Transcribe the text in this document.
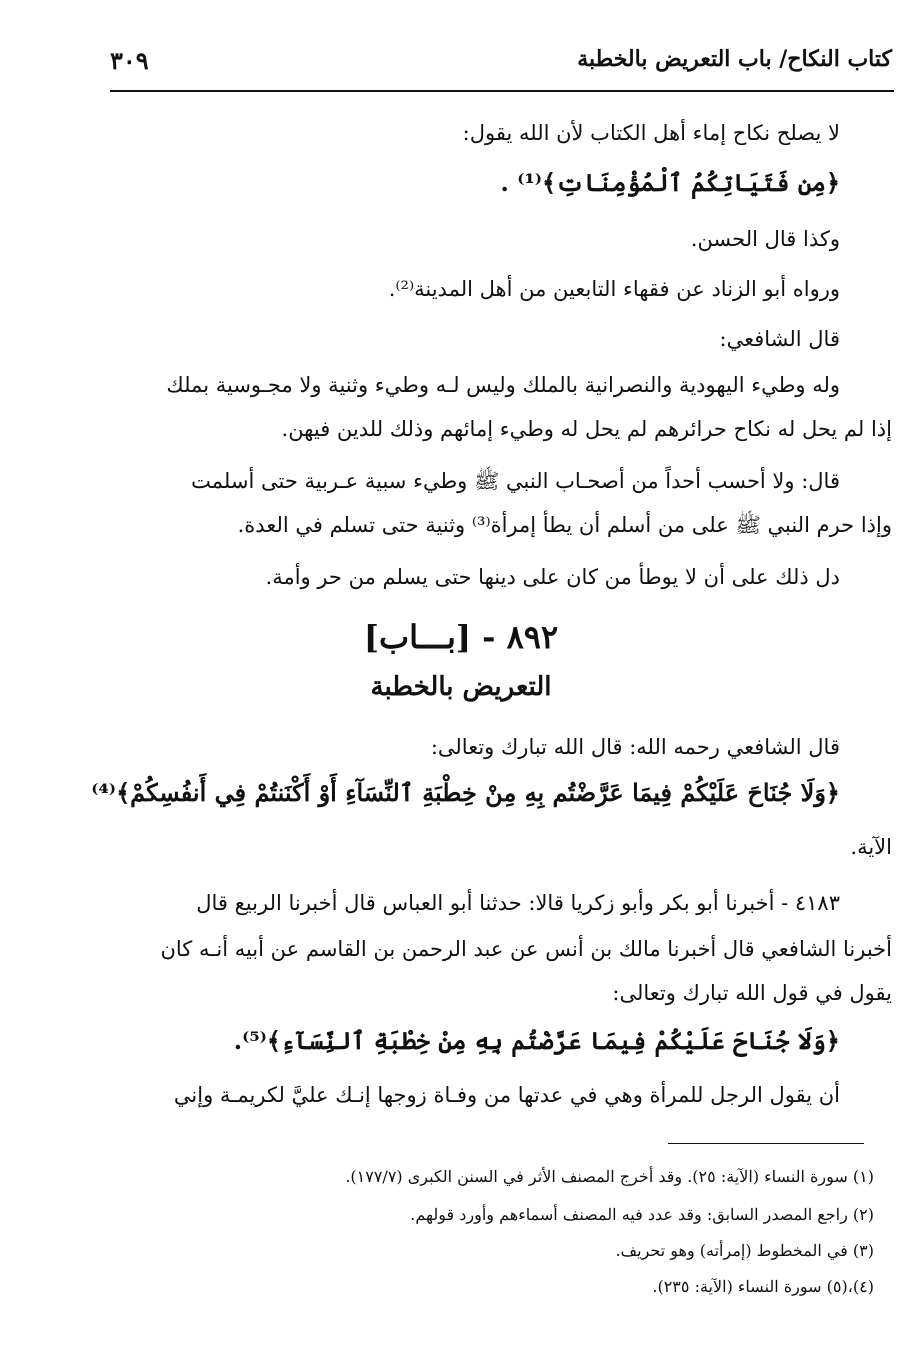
كتاب النكاح/ باب التعريض بالخطبة
٣٠٩
لا يصلح نكاح إماء أهل الكتاب لأن الله يقول:
﴿مِن فَتَيَاتِكُمُ ٱلْمُؤْمِنَاتِ﴾⁽¹⁾ .
وكذا قال الحسن.
ورواه أبو الزناد عن فقهاء التابعين من أهل المدينة⁽²⁾.
قال الشافعي:
وله وطيء اليهودية والنصرانية بالملك وليس لـه وطيء وثنية ولا مجـوسية بملك
إذا لم يحل له نكاح حرائرهم لم يحل له وطيء إمائهم وذلك للدين فيهن.
قال: ولا أحسب أحداً من أصحـاب النبي ﷺ وطيء سبية عـربية حتى أسلمت
وإذا حرم النبي ﷺ على من أسلم أن يطأ إمرأة⁽³⁾ وثنية حتى تسلم في العدة.
دل ذلك على أن لا يوطأ من كان على دينها حتى يسلم من حر وأمة.
٨٩٢ - [بـــاب]
التعريض بالخطبة
قال الشافعي رحمه الله: قال الله تبارك وتعالى:
﴿وَلَا جُنَاحَ عَلَيْكُمْ فِيمَا عَرَّضْتُم بِهِ مِنْ خِطْبَةِ ٱلنِّسَآءِ أَوْ أَكْنَنتُمْ فِي أَنفُسِكُمْ﴾⁽⁴⁾
الآية.
٤١٨٣ - أخبرنا أبو بكر وأبو زكريا قالا: حدثنا أبو العباس قال أخبرنا الربيع قال
أخبرنا الشافعي قال أخبرنا مالك بن أنس عن عبد الرحمن بن القاسم عن أبيه أنـه كان
يقول في قول الله تبارك وتعالى:
﴿وَلَا جُنَاحَ عَلَيْكُمْ فِيمَا عَرَّضْتُم بِهِ مِنْ خِطْبَةِ ٱلنِّسَآءِ﴾⁽⁵⁾.
أن يقول الرجل للمرأة وهي في عدتها من وفـاة زوجها إنـك عليَّ لكريمـة وإني
(١) سورة النساء (الآية: ٢٥). وقد أخرج المصنف الأثر في السنن الكبرى (١٧٧/٧).
(٢) راجع المصدر السابق: وقد عدد فيه المصنف أسماءهم وأورد قولهم.
(٣) في المخطوط (إمرأته) وهو تحريف.
(٤)،(٥) سورة النساء (الآية: ٢٣٥).
